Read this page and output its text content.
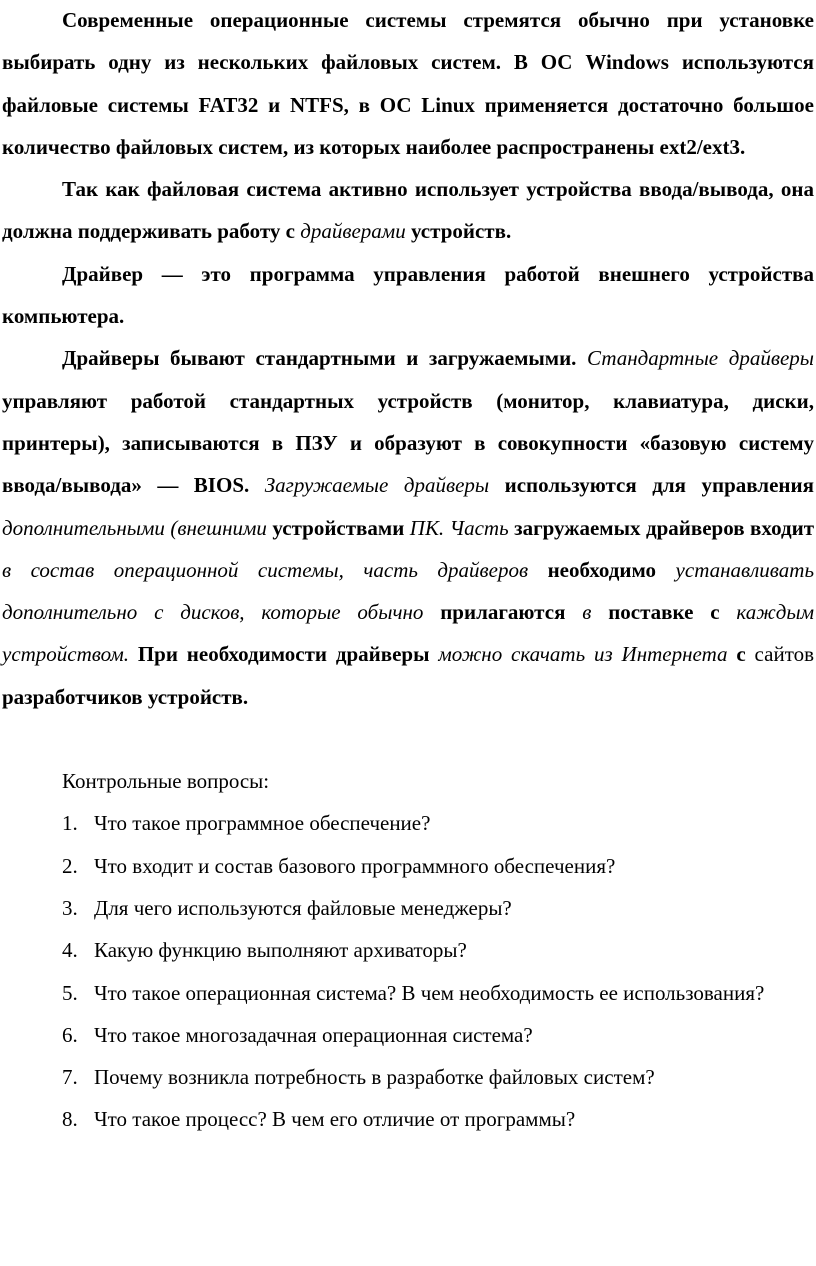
Современные операционные системы стремятся обычно при установке выбирать одну из нескольких файловых систем. В ОС Windows используются файловые системы FAT32 и NTFS, в ОС Linux применяется достаточно большое количество файловых систем, из которых наиболее распространены ext2/ext3.

Так как файловая система активно использует устройства ввода/вывода, она должна поддерживать работу с драйверами устройств.

Драйвер — это программа управления работой внешнего устройства компьютера.

Драйверы бывают стандартными и загружаемыми. Стандартные драйверы управляют работой стандартных устройств (монитор, клавиатура, диски, принтеры), записываются в ПЗУ и образуют в совокупности «базовую систему ввода/вывода» — BIOS. Загружаемые драйверы используются для управления дополнительными (внешними устройствами ПК. Часть загружаемых драйверов входит в состав операционной системы, часть драйверов необходимо устанавливать дополнительно с дисков, которые обычно прилагаются в поставке с каждым устройством. При необходимости драйверы можно скачать из Интернета с сайтов разработчиков устройств.

Контрольные вопросы:

1. Что такое программное обеспечение?

2. Что входит и состав базового программного обеспечения?

3. Для чего используются файловые менеджеры?

4. Какую функцию выполняют архиваторы?

5. Что такое операционная система? В чем необходимость ее использования?

6. Что такое многозадачная операционная система?

7. Почему возникла потребность в разработке файловых систем?

8. Что такое процесс? В чем его отличие от программы?
